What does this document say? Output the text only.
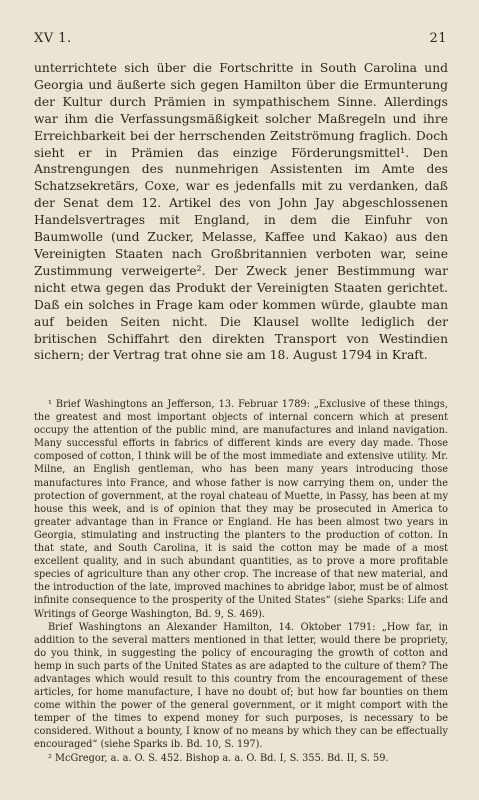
XV 1.	21

unterrichtete sich über die Fortschritte in South Carolina und Georgia und äußerte sich gegen Hamilton über die Ermunterung der Kultur durch Prämien in sympathischem Sinne. Allerdings war ihm die Verfassungsmäßigkeit solcher Maßregeln und ihre Erreichbarkeit bei der herrschenden Zeitströmung fraglich. Doch sieht er in Prämien das einzige Förderungsmittel¹. Den Anstrengungen des nunmehrigen Assistenten im Amte des Schatzsekretärs, Coxe, war es jedenfalls mit zu verdanken, daß der Senat dem 12. Artikel des von John Jay abgeschlossenen Handelsvertrages mit England, in dem die Einfuhr von Baumwolle (und Zucker, Melasse, Kaffee und Kakao) aus den Vereinigten Staaten nach Großbritannien verboten war, seine Zustimmung verweigerte². Der Zweck jener Bestimmung war nicht etwa gegen das Produkt der Vereinigten Staaten gerichtet. Daß ein solches in Frage kam oder kommen würde, glaubte man auf beiden Seiten nicht. Die Klausel wollte lediglich der britischen Schiffahrt den direkten Transport von Westindien sichern; der Vertrag trat ohne sie am 18. August 1794 in Kraft.

¹ Brief Washingtons an Jefferson, 13. Februar 1789: „Exclusive of these things, the greatest and most important objects of internal concern which at present occupy the attention of the public mind, are manufactures and inland navigation. Many successful efforts in fabrics of different kinds are every day made. Those composed of cotton, I think will be of the most immediate and extensive utility. Mr. Milne, an English gentleman, who has been many years introducing those manufactures into France, and whose father is now carrying them on, under the protection of government, at the royal chateau of Muette, in Passy, has been at my house this week, and is of opinion that they may be prosecuted in America to greater advantage than in France or England. He has been almost two years in Georgia, stimulating and instructing the planters to the production of cotton. In that state, and South Carolina, it is said the cotton may be made of a most excellent quality, and in such abundant quantities, as to prove a more profitable species of agriculture than any other crop. The increase of that new material, and the introduction of the late, improved machines to abridge labor, must be of almost infinite consequence to the prosperity of the United States“ (siehe Sparks: Life and Writings of George Washington, Bd. 9, S. 469).

Brief Washingtons an Alexander Hamilton, 14. Oktober 1791: „How far, in addition to the several matters mentioned in that letter, would there be propriety, do you think, in suggesting the policy of encouraging the growth of cotton and hemp in such parts of the United States as are adapted to the culture of them? The advantages which would result to this country from the encouragement of these articles, for home manufacture, I have no doubt of; but how far bounties on them come within the power of the general government, or it might comport with the temper of the times to expend money for such purposes, is necessary to be considered. Without a bounty, I know of no means by which they can be effectually encouraged“ (siehe Sparks ib. Bd. 10, S. 197).

² McGregor, a. a. O. S. 452. Bishop a. a. O. Bd. I, S. 355. Bd. II, S. 59.
